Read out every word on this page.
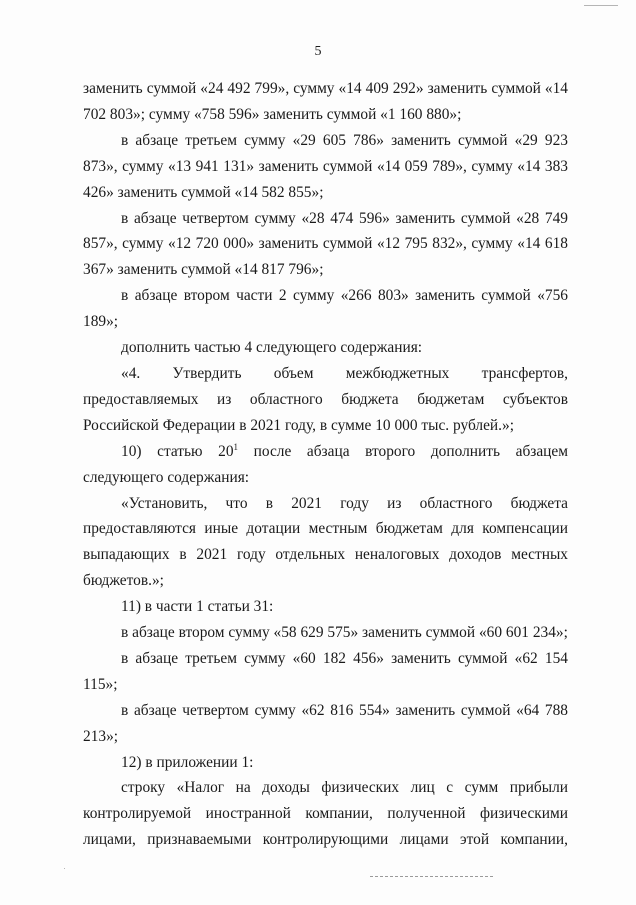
5

заменить суммой «24 492 799», сумму «14 409 292» заменить суммой «14 702 803»; сумму «758 596» заменить суммой «1 160 880»;

в абзаце третьем сумму «29 605 786» заменить суммой «29 923 873», сумму «13 941 131» заменить суммой «14 059 789», сумму «14 383 426» заменить суммой «14 582 855»;

в абзаце четвертом сумму «28 474 596» заменить суммой «28 749 857», сумму «12 720 000» заменить суммой «12 795 832», сумму «14 618 367» заменить суммой «14 817 796»;

в абзаце втором части 2 сумму «266 803» заменить суммой «756 189»;

дополнить частью 4 следующего содержания:

«4. Утвердить объем межбюджетных трансфертов, предоставляемых из областного бюджета бюджетам субъектов Российской Федерации в 2021 году, в сумме 10 000 тыс. рублей.»;

10) статью $20^1$ после абзаца второго дополнить абзацем следующего содержания:

«Установить, что в 2021 году из областного бюджета предоставляются иные дотации местным бюджетам для компенсации выпадающих в 2021 году отдельных неналоговых доходов местных бюджетов.»;

11) в части 1 статьи 31:

в абзаце втором сумму «58 629 575» заменить суммой «60 601 234»;

в абзаце третьем сумму «60 182 456» заменить суммой «62 154 115»;

в абзаце четвертом сумму «62 816 554» заменить суммой «64 788 213»;

12) в приложении 1:

строку «Налог на доходы физических лиц с сумм прибыли контролируемой иностранной компании, полученной физическими лицами, признаваемыми контролирующими лицами этой компании,
